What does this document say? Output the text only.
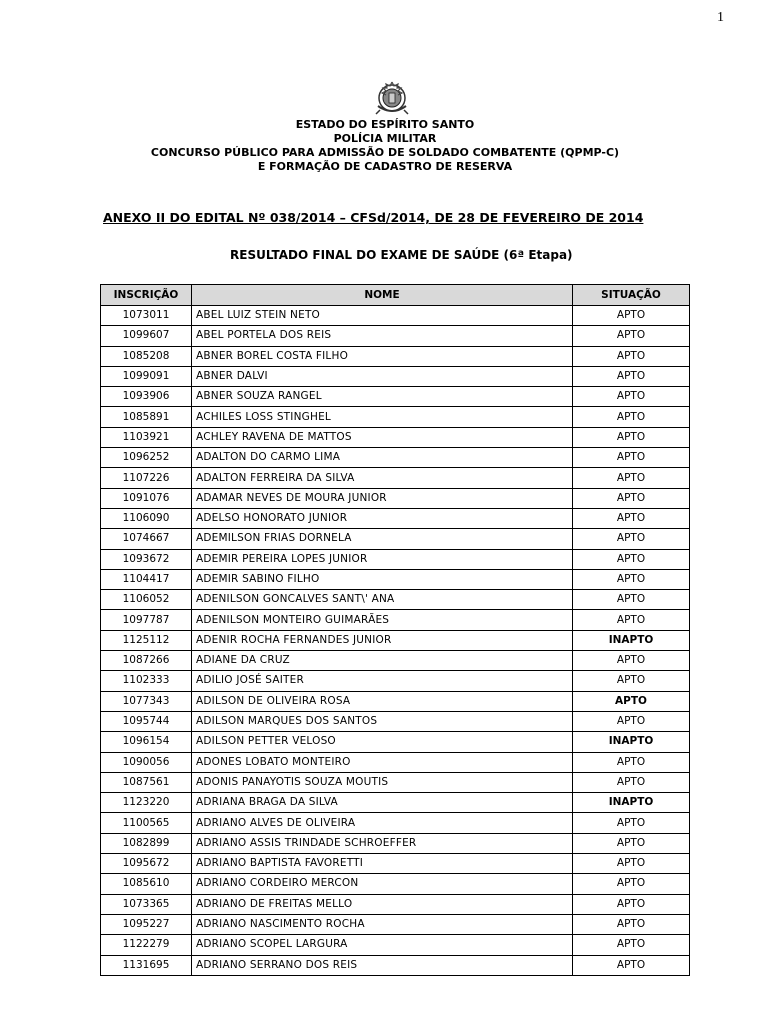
1
ESTADO DO ESPÍRITO SANTO
POLÍCIA MILITAR
CONCURSO PÚBLICO PARA ADMISSÃO DE SOLDADO COMBATENTE (QPMP-C)
E FORMAÇÃO DE CADASTRO DE RESERVA
ANEXO II DO EDITAL Nº 038/2014 – CFSd/2014, DE 28 DE FEVEREIRO DE 2014
RESULTADO FINAL DO EXAME DE SAÚDE (6ª Etapa)
INSCRIÇÃO	NOME	SITUAÇÃO
1073011	ABEL LUIZ STEIN NETO	APTO
1099607	ABEL PORTELA DOS REIS	APTO
1085208	ABNER BOREL COSTA FILHO	APTO
1099091	ABNER DALVI	APTO
1093906	ABNER SOUZA RANGEL	APTO
1085891	ACHILES LOSS STINGHEL	APTO
1103921	ACHLEY RAVENA DE MATTOS	APTO
1096252	ADALTON DO CARMO LIMA	APTO
1107226	ADALTON FERREIRA DA SILVA	APTO
1091076	ADAMAR NEVES DE MOURA JUNIOR	APTO
1106090	ADELSO HONORATO JUNIOR	APTO
1074667	ADEMILSON FRIAS DORNELA	APTO
1093672	ADEMIR PEREIRA LOPES JUNIOR	APTO
1104417	ADEMIR SABINO FILHO	APTO
1106052	ADENILSON GONCALVES SANT\' ANA	APTO
1097787	ADENILSON MONTEIRO GUIMARÃES	APTO
1125112	ADENIR ROCHA FERNANDES JUNIOR	INAPTO
1087266	ADIANE DA CRUZ	APTO
1102333	ADILIO JOSÉ SAITER	APTO
1077343	ADILSON DE OLIVEIRA ROSA	APTO
1095744	ADILSON MARQUES DOS SANTOS	APTO
1096154	ADILSON PETTER VELOSO	INAPTO
1090056	ADONES LOBATO MONTEIRO	APTO
1087561	ADONIS PANAYOTIS SOUZA MOUTIS	APTO
1123220	ADRIANA BRAGA DA SILVA	INAPTO
1100565	ADRIANO ALVES DE OLIVEIRA	APTO
1082899	ADRIANO ASSIS TRINDADE SCHROEFFER	APTO
1095672	ADRIANO BAPTISTA FAVORETTI	APTO
1085610	ADRIANO CORDEIRO MERCON	APTO
1073365	ADRIANO DE FREITAS MELLO	APTO
1095227	ADRIANO NASCIMENTO ROCHA	APTO
1122279	ADRIANO SCOPEL LARGURA	APTO
1131695	ADRIANO SERRANO DOS REIS	APTO
